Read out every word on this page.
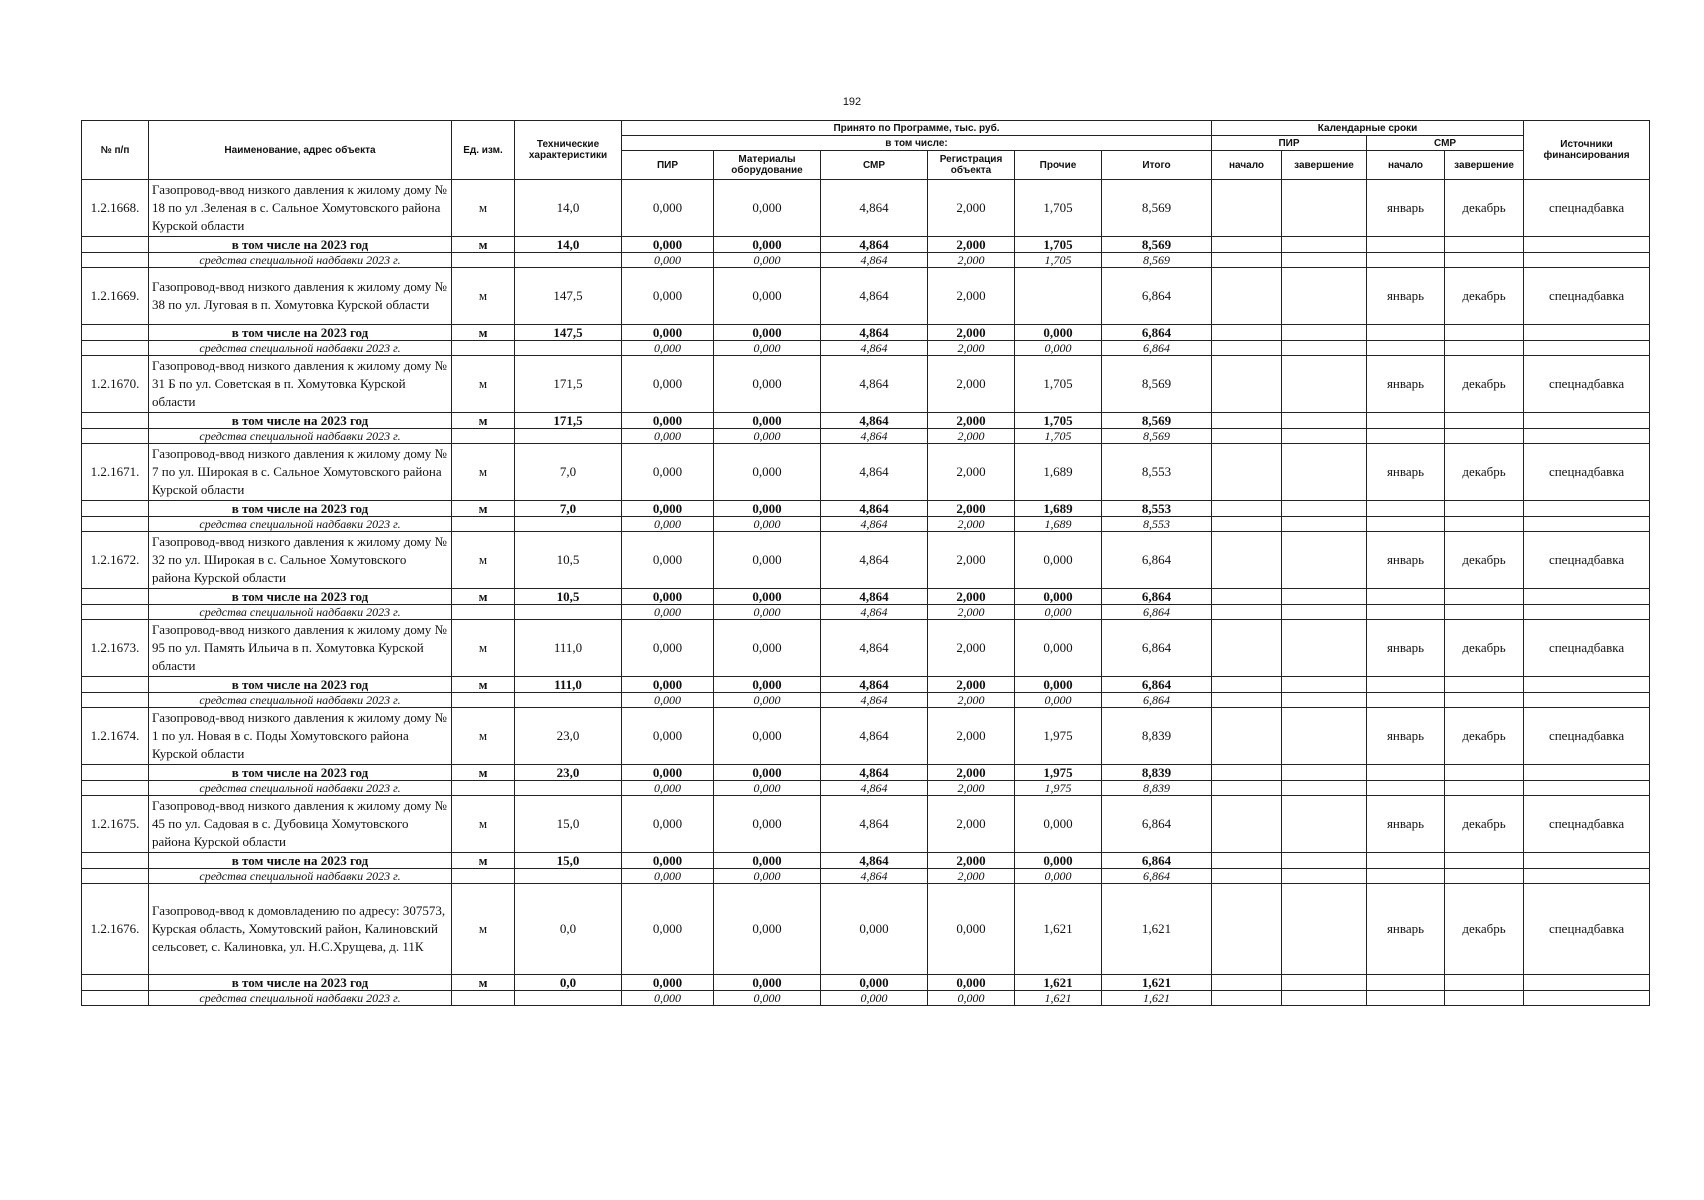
192
№ п/п	Наименование, адрес объекта	Ед. изм.	Технические характеристики	Принято по Программе, тыс. руб.						Календарные сроки				Источники финансирования
				в том числе:						ПИР		СМР		
				ПИР	Материалы оборудование	СМР	Регистрация объекта	Прочие	Итого	начало	завершение	начало	завершение	
1.2.1668.	Газопровод-ввод низкого давления к жилому дому № 18 по ул .Зеленая в с. Сальное Хомутовского района Курской области	м	14,0	0,000	0,000	4,864	2,000	1,705	8,569			январь	декабрь	спецнадбавка
	в том числе на 2023 год	м	14,0	0,000	0,000	4,864	2,000	1,705	8,569					
	средства специальной надбавки 2023 г.			0,000	0,000	4,864	2,000	1,705	8,569					
1.2.1669.	Газопровод-ввод низкого давления к жилому дому № 38 по ул. Луговая в п. Хомутовка Курской области	м	147,5	0,000	0,000	4,864	2,000		6,864			январь	декабрь	спецнадбавка
	в том числе на 2023 год	м	147,5	0,000	0,000	4,864	2,000	0,000	6,864					
	средства специальной надбавки 2023 г.			0,000	0,000	4,864	2,000	0,000	6,864					
1.2.1670.	Газопровод-ввод низкого давления к жилому дому № 31 Б по ул. Советская в п. Хомутовка Курской области	м	171,5	0,000	0,000	4,864	2,000	1,705	8,569			январь	декабрь	спецнадбавка
	в том числе на 2023 год	м	171,5	0,000	0,000	4,864	2,000	1,705	8,569					
	средства специальной надбавки 2023 г.			0,000	0,000	4,864	2,000	1,705	8,569					
1.2.1671.	Газопровод-ввод низкого давления к жилому дому № 7 по ул. Широкая в с. Сальное Хомутовского района Курской области	м	7,0	0,000	0,000	4,864	2,000	1,689	8,553			январь	декабрь	спецнадбавка
	в том числе на 2023 год	м	7,0	0,000	0,000	4,864	2,000	1,689	8,553					
	средства специальной надбавки 2023 г.			0,000	0,000	4,864	2,000	1,689	8,553					
1.2.1672.	Газопровод-ввод низкого давления к жилому дому № 32 по ул. Широкая в с. Сальное Хомутовского района Курской области	м	10,5	0,000	0,000	4,864	2,000	0,000	6,864			январь	декабрь	спецнадбавка
	в том числе на 2023 год	м	10,5	0,000	0,000	4,864	2,000	0,000	6,864					
	средства специальной надбавки 2023 г.			0,000	0,000	4,864	2,000	0,000	6,864					
1.2.1673.	Газопровод-ввод низкого давления к жилому дому № 95 по ул. Память Ильича в п. Хомутовка Курской области	м	111,0	0,000	0,000	4,864	2,000	0,000	6,864			январь	декабрь	спецнадбавка
	в том числе на 2023 год	м	111,0	0,000	0,000	4,864	2,000	0,000	6,864					
	средства специальной надбавки 2023 г.			0,000	0,000	4,864	2,000	0,000	6,864					
1.2.1674.	Газопровод-ввод низкого давления к жилому дому № 1 по ул. Новая в с. Поды Хомутовского района Курской области	м	23,0	0,000	0,000	4,864	2,000	1,975	8,839			январь	декабрь	спецнадбавка
	в том числе на 2023 год	м	23,0	0,000	0,000	4,864	2,000	1,975	8,839					
	средства специальной надбавки 2023 г.			0,000	0,000	4,864	2,000	1,975	8,839					
1.2.1675.	Газопровод-ввод низкого давления к жилому дому № 45 по ул. Садовая в с. Дубовица Хомутовского района Курской области	м	15,0	0,000	0,000	4,864	2,000	0,000	6,864			январь	декабрь	спецнадбавка
	в том числе на 2023 год	м	15,0	0,000	0,000	4,864	2,000	0,000	6,864					
	средства специальной надбавки 2023 г.			0,000	0,000	4,864	2,000	0,000	6,864					
1.2.1676.	Газопровод-ввод к домовладению по адресу: 307573, Курская область, Хомутовский район, Калиновский сельсовет, с. Калиновка, ул. Н.С.Хрущева, д. 11К	м	0,0	0,000	0,000	0,000	0,000	1,621	1,621			январь	декабрь	спецнадбавка
	в том числе на 2023 год	м	0,0	0,000	0,000	0,000	0,000	1,621	1,621					
	средства специальной надбавки 2023 г.			0,000	0,000	0,000	0,000	1,621	1,621					
